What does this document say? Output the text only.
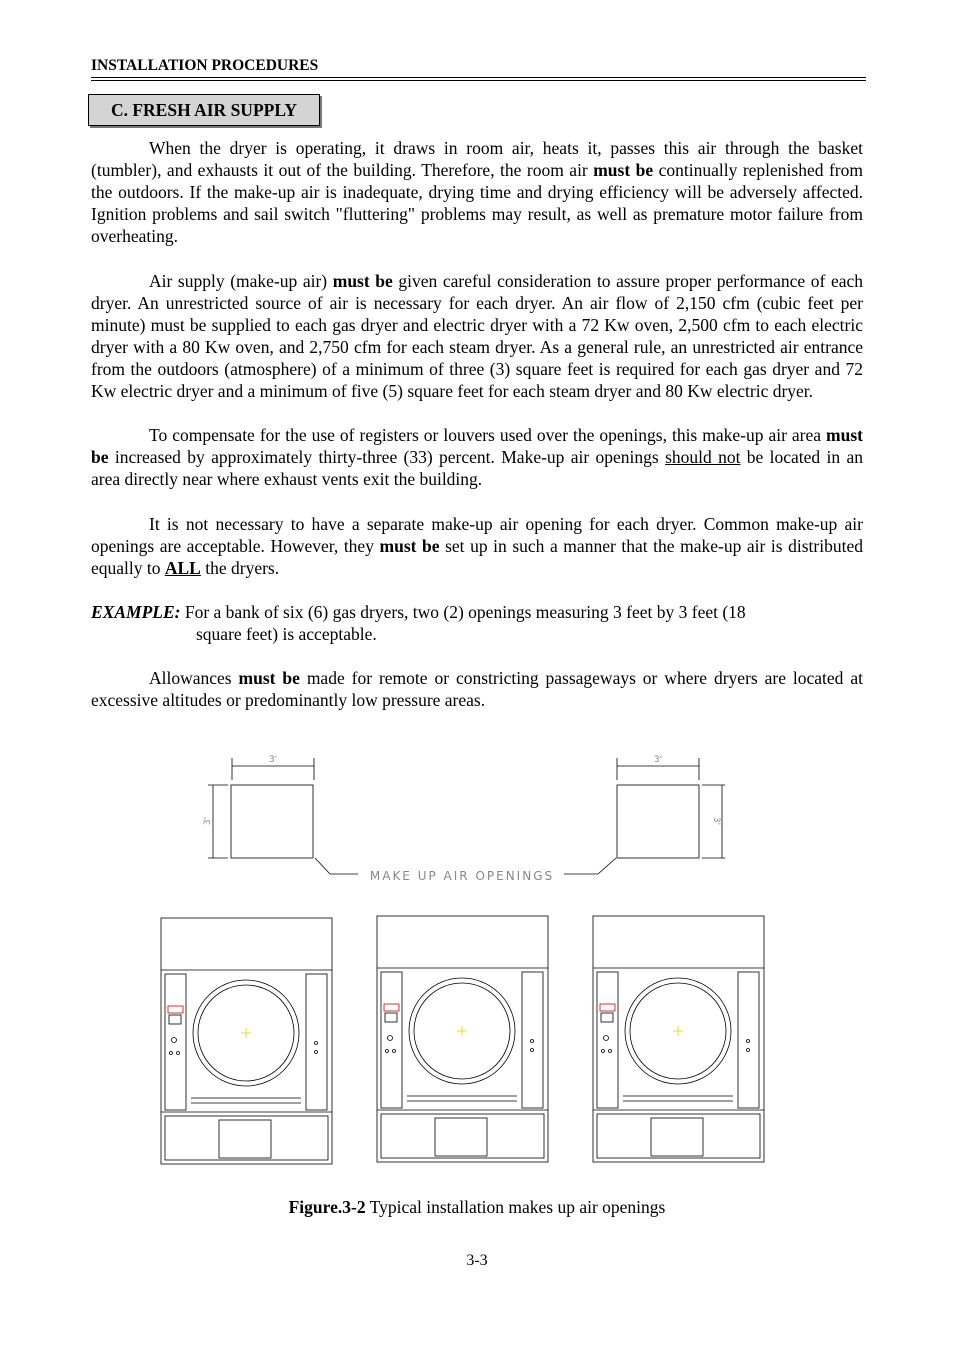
INSTALLATION PROCEDURES
C. FRESH AIR SUPPLY

When the dryer is operating, it draws in room air, heats it, passes this air through the basket (tumbler), and exhausts it out of the building. Therefore, the room air must be continually replenished from the outdoors. If the make-up air is inadequate, drying time and drying efficiency will be adversely affected. Ignition problems and sail switch "fluttering" problems may result, as well as premature motor failure from overheating.

Air supply (make-up air) must be given careful consideration to assure proper performance of each dryer. An unrestricted source of air is necessary for each dryer. An air flow of 2,150 cfm (cubic feet per minute) must be supplied to each gas dryer and electric dryer with a 72 Kw oven, 2,500 cfm to each electric dryer with a 80 Kw oven, and 2,750 cfm for each steam dryer. As a general rule, an unrestricted air entrance from the outdoors (atmosphere) of a minimum of three (3) square feet is required for each gas dryer and 72 Kw electric dryer and a minimum of five (5) square feet for each steam dryer and 80 Kw electric dryer.

To compensate for the use of registers or louvers used over the openings, this make-up air area must be increased by approximately thirty-three (33) percent. Make-up air openings should not be located in an area directly near where exhaust vents exit the building.

It is not necessary to have a separate make-up air opening for each dryer. Common make-up air openings are acceptable. However, they must be set up in such a manner that the make-up air is distributed equally to ALL the dryers.

EXAMPLE: For a bank of six (6) gas dryers, two (2) openings measuring 3 feet by 3 feet (18
square feet) is acceptable.

Allowances must be made for remote or constricting passageways or where dryers are located at excessive altitudes or predominantly low pressure areas.

3'	3'
3'	3'
MAKE UP AIR OPENINGS
Figure.3-2 Typical installation makes up air openings
3-3
